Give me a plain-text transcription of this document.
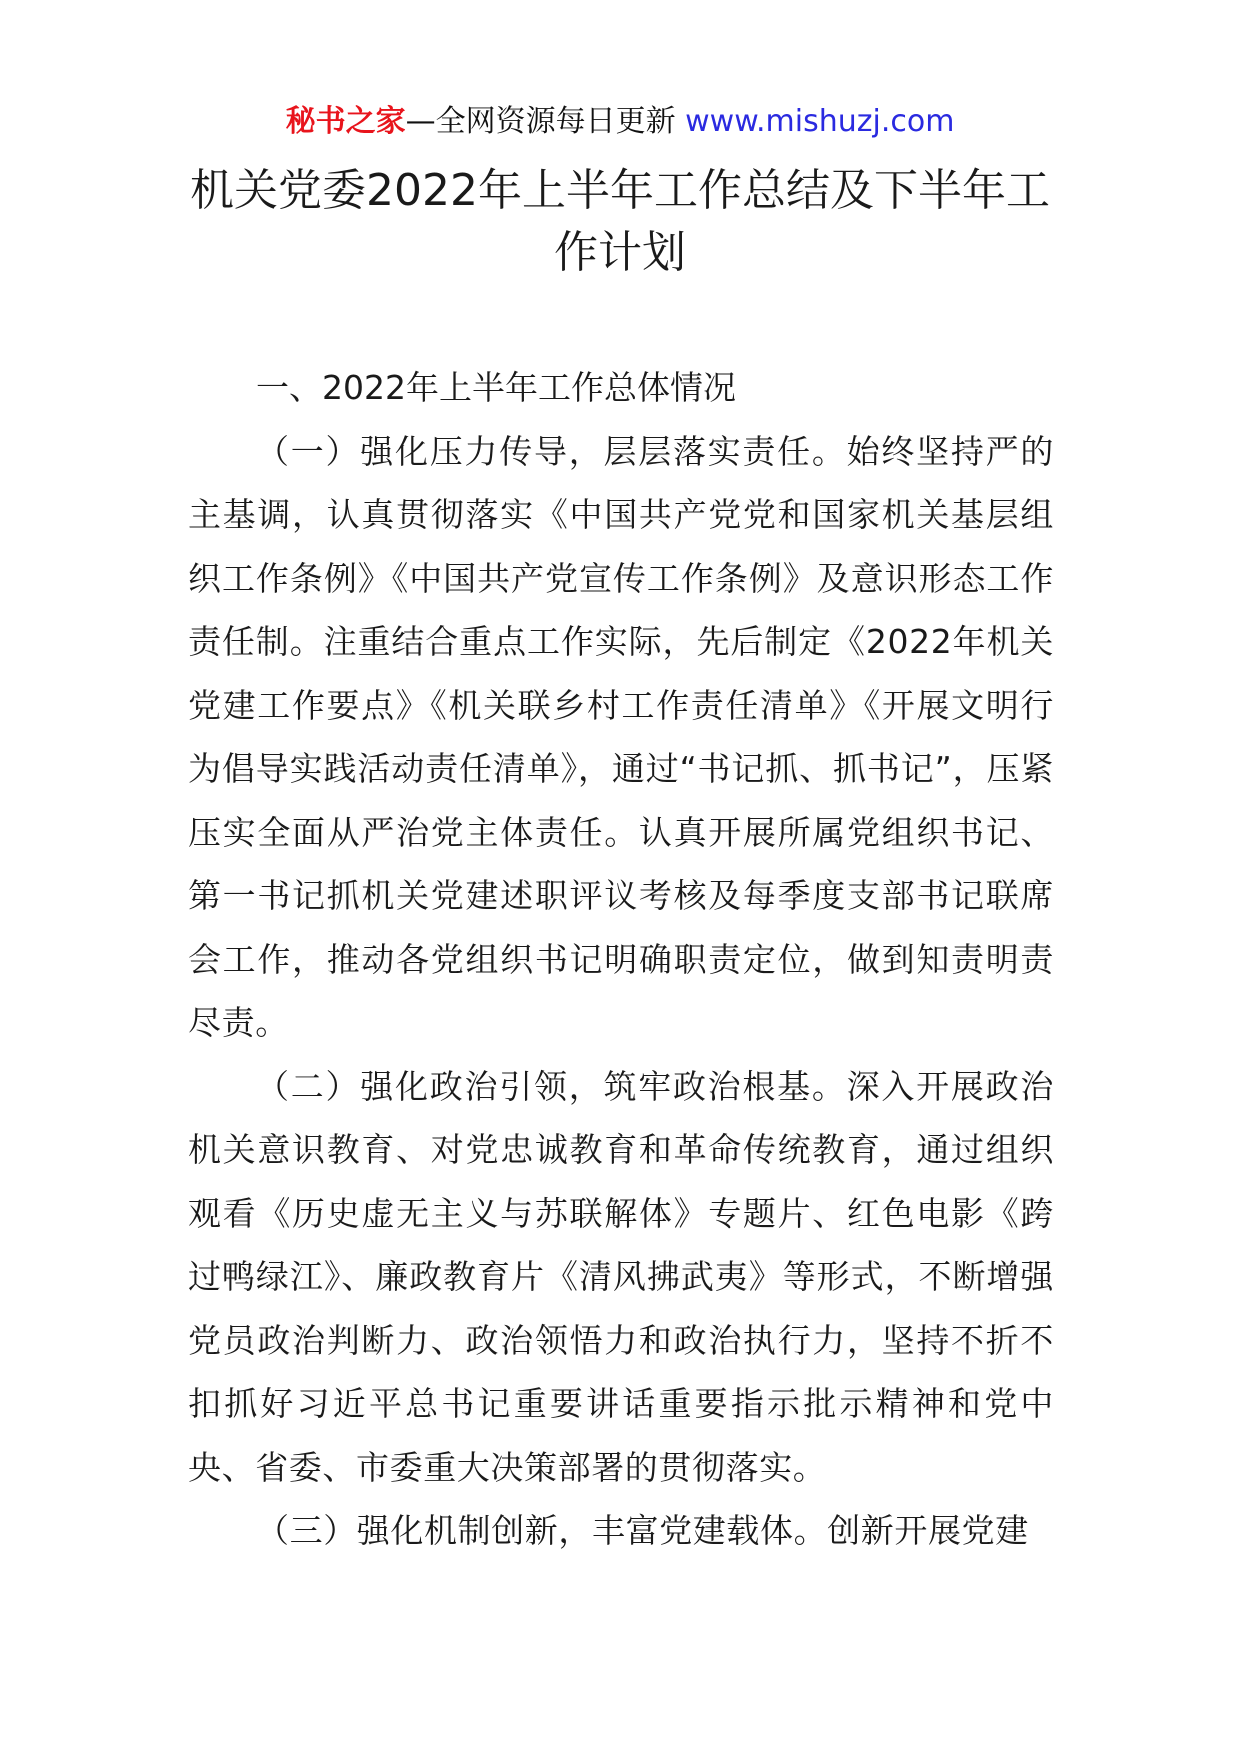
秘书之家—全网资源每日更新 www.mishuzj.com
机关党委2022年上半年工作总结及下半年工作计划

一、2022年上半年工作总体情况

（一）强化压力传导，层层落实责任。始终坚持严的主基调，认真贯彻落实《中国共产党党和国家机关基层组织工作条例》《中国共产党宣传工作条例》及意识形态工作责任制。注重结合重点工作实际，先后制定《2022年机关党建工作要点》《机关联乡村工作责任清单》《开展文明行为倡导实践活动责任清单》，通过“书记抓、抓书记”，压紧压实全面从严治党主体责任。认真开展所属党组织书记、第一书记抓机关党建述职评议考核及每季度支部书记联席会工作，推动各党组织书记明确职责定位，做到知责明责尽责。

（二）强化政治引领，筑牢政治根基。深入开展政治机关意识教育、对党忠诚教育和革命传统教育，通过组织观看《历史虚无主义与苏联解体》专题片、红色电影《跨过鸭绿江》、廉政教育片《清风拂武夷》等形式，不断增强党员政治判断力、政治领悟力和政治执行力，坚持不折不扣抓好习近平总书记重要讲话重要指示批示精神和党中央、省委、市委重大决策部署的贯彻落实。

（三）强化机制创新，丰富党建载体。创新开展党建
